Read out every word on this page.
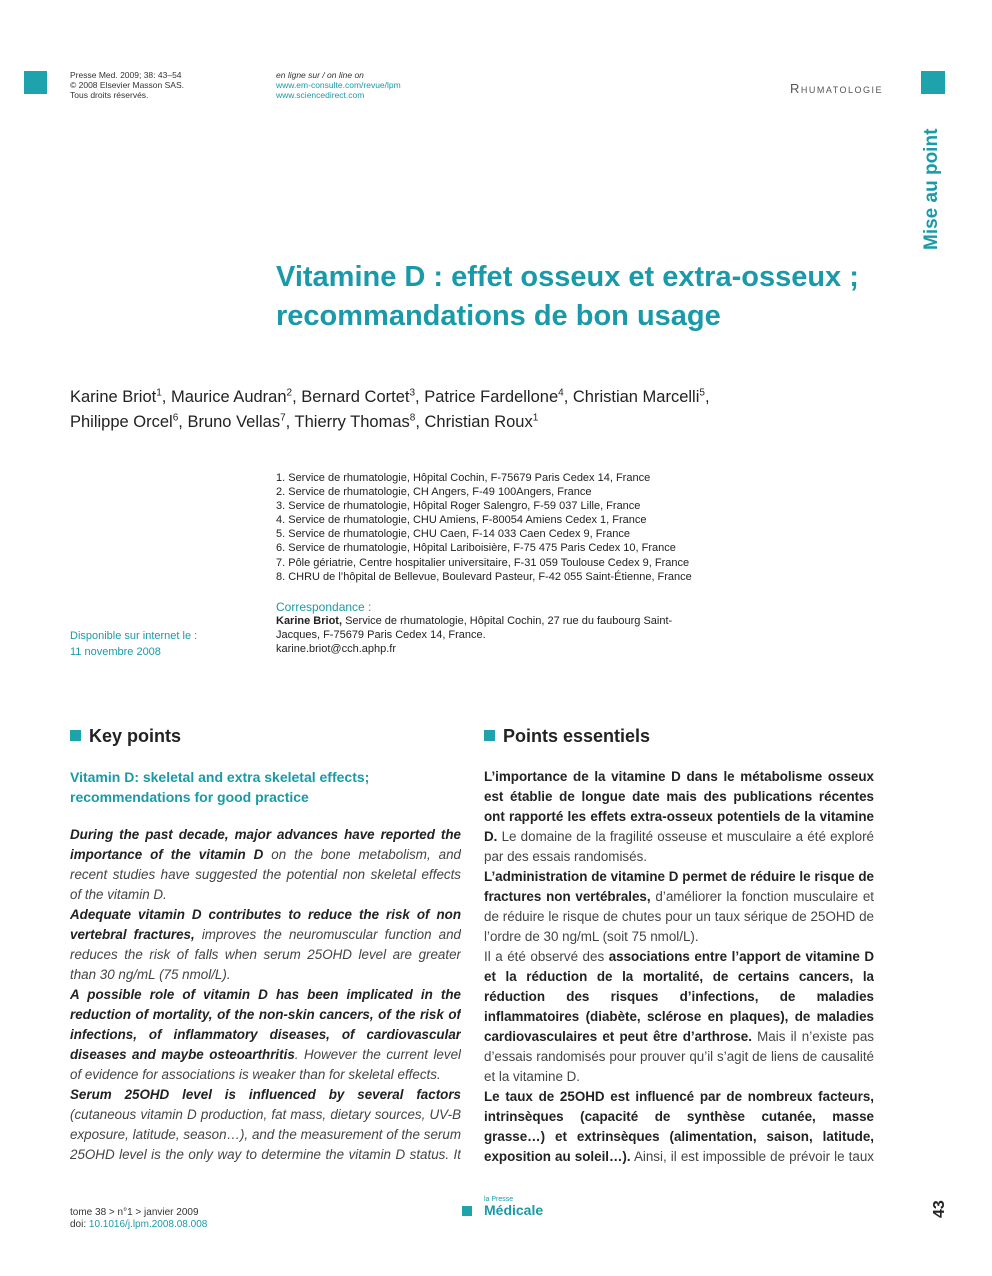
Presse Med. 2009; 38: 43–54
© 2008 Elsevier Masson SAS.
Tous droits réservés.
en ligne sur / on line on
www.em-consulte.com/revue/lpm
www.sciencedirect.com	Rhumatologie
Mise au point
Vitamine D : effet osseux et extra-osseux ;
recommandations de bon usage
Karine Briot$^1$, Maurice Audran$^2$, Bernard Cortet$^3$, Patrice Fardellone$^4$, Christian Marcelli$^5$,
Philippe Orcel$^6$, Bruno Vellas$^7$, Thierry Thomas$^8$, Christian Roux$^1$
1. Service de rhumatologie, Hôpital Cochin, F-75679 Paris Cedex 14, France
2. Service de rhumatologie, CH Angers, F-49 100Angers, France
3. Service de rhumatologie, Hôpital Roger Salengro, F-59 037 Lille, France
4. Service de rhumatologie, CHU Amiens, F-80054 Amiens Cedex 1, France
5. Service de rhumatologie, CHU Caen, F-14 033 Caen Cedex 9, France
6. Service de rhumatologie, Hôpital Lariboisière, F-75 475 Paris Cedex 10, France
7. Pôle gériatrie, Centre hospitalier universitaire, F-31 059 Toulouse Cedex 9, France
8. CHRU de l’hôpital de Bellevue, Boulevard Pasteur, F-42 055 Saint-Étienne, France
Correspondance :
Karine Briot, Service de rhumatologie, Hôpital Cochin, 27 rue du faubourg Saint-
Jacques, F-75679 Paris Cedex 14, France.
karine.briot@cch.aphp.fr
Disponible sur internet le :
11 novembre 2008
Key points	Points essentiels
Vitamin D: skeletal and extra skeletal effects; recommendations for good practice

During the past decade, major advances have reported the importance of the vitamin D on the bone metabolism, and recent studies have suggested the potential non skeletal effects of the vitamin D.

Adequate vitamin D contributes to reduce the risk of non vertebral fractures, improves the neuromuscular function and reduces the risk of falls when serum 25OHD level are greater than 30 ng/mL (75 nmol/L).

A possible role of vitamin D has been implicated in the reduction of mortality, of the non-skin cancers, of the risk of infections, of inflammatory diseases, of cardiovascular diseases and maybe osteoarthritis. However the current level of evidence for associations is weaker than for skeletal effects.

Serum 25OHD level is influenced by several factors (cutaneous vitamin D production, fat mass, dietary sources, UV-B exposure, latitude, season…), and the measurement of the serum 25OHD level is the only way to determine the vitamin D status. It

L’importance de la vitamine D dans le métabolisme osseux est établie de longue date mais des publications récentes ont rapporté les effets extra-osseux potentiels de la vitamine D. Le domaine de la fragilité osseuse et musculaire a été exploré par des essais randomisés.

L’administration de vitamine D permet de réduire le risque de fractures non vertébrales, d’améliorer la fonction musculaire et de réduire le risque de chutes pour un taux sérique de 25OHD de l’ordre de 30 ng/mL (soit 75 nmol/L).

Il a été observé des associations entre l’apport de vitamine D et la réduction de la mortalité, de certains cancers, la réduction des risques d’infections, de maladies inflammatoires (diabète, sclérose en plaques), de maladies cardiovasculaires et peut être d’arthrose. Mais il n’existe pas d’essais randomisés pour prouver qu’il s’agit de liens de causalité et la vitamine D.

Le taux de 25OHD est influencé par de nombreux facteurs, intrinsèques (capacité de synthèse cutanée, masse grasse…) et extrinsèques (alimentation, saison, latitude, exposition au soleil…). Ainsi, il est impossible de prévoir le taux

tome 38 > n°1 > janvier 2009
doi: 10.1016/j.lpm.2008.08.008
la Presse
Médicale	43
